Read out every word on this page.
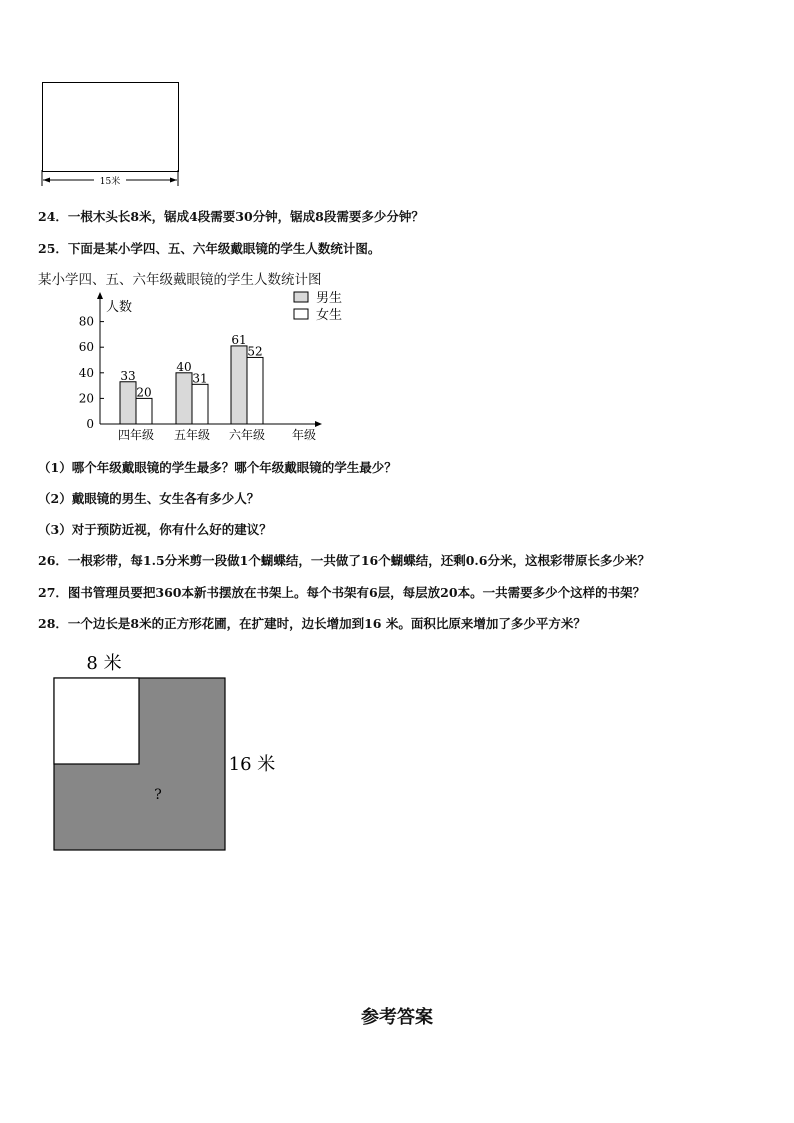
15米
24．一根木头长8米，锯成4段需要30分钟，锯成8段需要多少分钟？
25．下面是某小学四、五、六年级戴眼镜的学生人数统计图。
某小学四、五、六年级戴眼镜的学生人数统计图
0
20
40
60
80
人数
33
20
四年级
40
31
五年级
61
52
六年级 年级
男生
女生
（1）哪个年级戴眼镜的学生最多？哪个年级戴眼镜的学生最少？
（2）戴眼镜的男生、女生各有多少人？
（3）对于预防近视，你有什么好的建议？
26．一根彩带，每1.5分米剪一段做1个蝴蝶结，一共做了16个蝴蝶结，还剩0.6分米，这根彩带原长多少米？
27．图书管理员要把360本新书摆放在书架上。每个书架有6层，每层放20本。一共需要多少个这样的书架？
28．一个边长是8米的正方形花圃，在扩建时，边长增加到16 米。面积比原来增加了多少平方米？
8 米
16 米
?
参考答案
